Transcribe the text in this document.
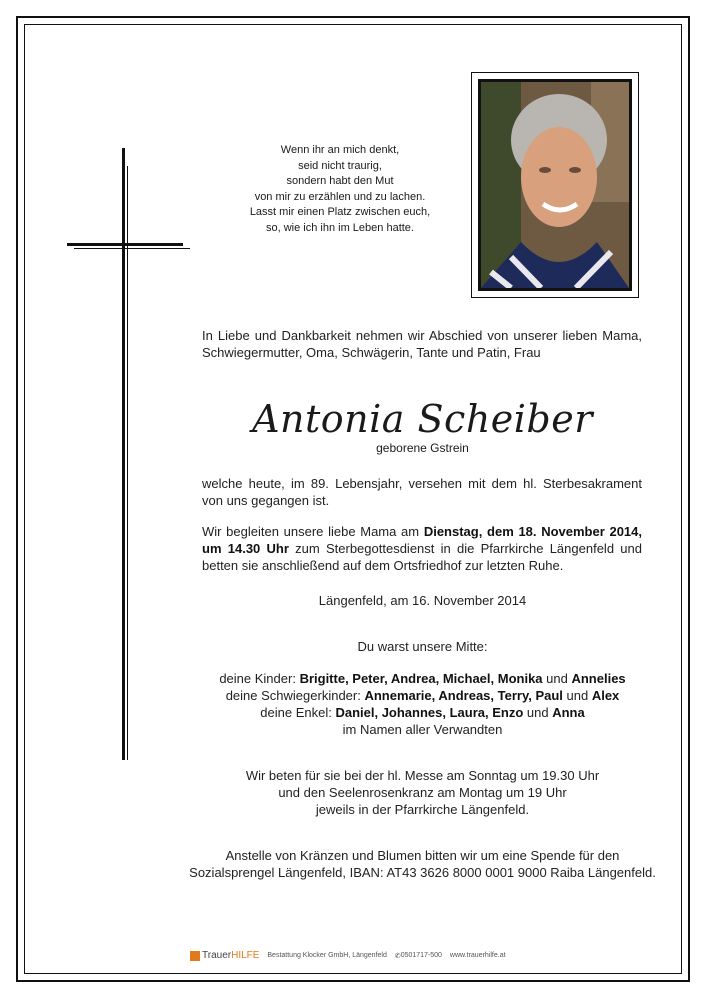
Wenn ihr an mich denkt,
seid nicht traurig,
sondern habt den Mut
von mir zu erzählen und zu lachen.
Lasst mir einen Platz zwischen euch,
so, wie ich ihn im Leben hatte.
In Liebe und Dankbarkeit nehmen wir Abschied von unserer lieben Mama, Schwiegermutter, Oma, Schwägerin, Tante und Patin, Frau
Antonia Scheiber
geborene Gstrein
welche heute, im 89. Lebensjahr, versehen mit dem hl. Sterbesakrament von uns gegangen ist.
Wir begleiten unsere liebe Mama am Dienstag, dem 18. November 2014, um 14.30 Uhr zum Sterbegottesdienst in die Pfarrkirche Längenfeld und betten sie anschließend auf dem Ortsfriedhof zur letzten Ruhe.
Längenfeld, am 16. November 2014
Du warst unsere Mitte:
deine Kinder: Brigitte, Peter, Andrea, Michael, Monika und Annelies
deine Schwiegerkinder: Annemarie, Andreas, Terry, Paul und Alex
deine Enkel: Daniel, Johannes, Laura, Enzo und Anna
im Namen aller Verwandten
Wir beten für sie bei der hl. Messe am Sonntag um 19.30 Uhr
und den Seelenrosenkranz am Montag um 19 Uhr
jeweils in der Pfarrkirche Längenfeld.
Anstelle von Kränzen und Blumen bitten wir um eine Spende für den
Sozialsprengel Längenfeld, IBAN: AT43 3626 8000 0001 9000 Raiba Längenfeld.
TrauerHILFE Bestattung Klocker GmbH, Längenfeld ✆0501717-500 www.trauerhilfe.at
